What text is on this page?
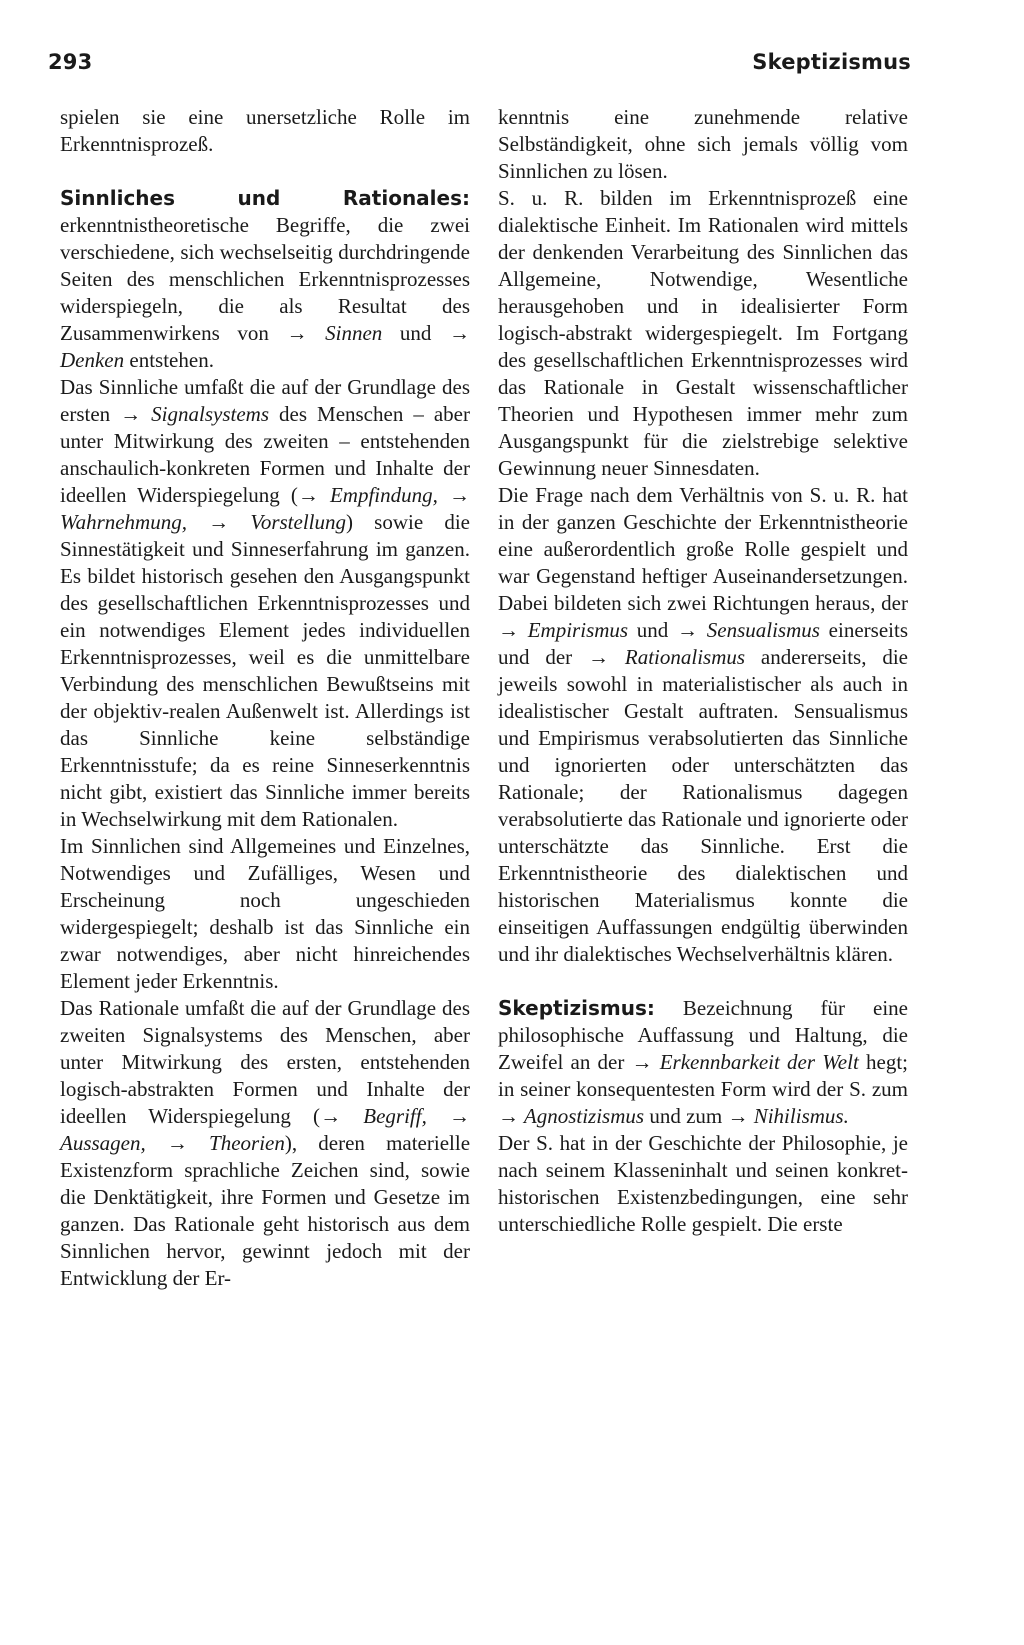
293	Skeptizismus

spielen sie eine unersetzliche Rolle im Erkenntnisprozeß.

Sinnliches und Rationales: erkenntnistheoretische Begriffe, die zwei verschiedene, sich wechselseitig durchdringende Seiten des menschlichen Erkenntnisprozesses widerspiegeln, die als Resultat des Zusammenwirkens von → Sinnen und → Denken entstehen.

Das Sinnliche umfaßt die auf der Grundlage des ersten → Signalsystems des Menschen – aber unter Mitwirkung des zweiten – entstehenden anschaulich-konkreten Formen und Inhalte der ideellen Widerspiegelung (→ Empfindung, → Wahrnehmung, → Vorstellung) sowie die Sinnestätigkeit und Sinneserfahrung im ganzen. Es bildet historisch gesehen den Ausgangspunkt des gesellschaftlichen Erkenntnisprozesses und ein notwendiges Element jedes individuellen Erkenntnisprozesses, weil es die unmittelbare Verbindung des menschlichen Bewußtseins mit der objektiv-realen Außenwelt ist. Allerdings ist das Sinnliche keine selbständige Erkenntnisstufe; da es reine Sinneserkenntnis nicht gibt, existiert das Sinnliche immer bereits in Wechselwirkung mit dem Rationalen.

Im Sinnlichen sind Allgemeines und Einzelnes, Notwendiges und Zufälliges, Wesen und Erscheinung noch ungeschieden widergespiegelt; deshalb ist das Sinnliche ein zwar notwendiges, aber nicht hinreichendes Element jeder Erkenntnis.

Das Rationale umfaßt die auf der Grundlage des zweiten Signalsystems des Menschen, aber unter Mitwirkung des ersten, entstehenden logisch-abstrakten Formen und Inhalte der ideellen Widerspiegelung (→ Begriff, → Aussagen, → Theorien), deren materielle Existenzform sprachliche Zeichen sind, sowie die Denktätigkeit, ihre Formen und Gesetze im ganzen. Das Rationale geht historisch aus dem Sinnlichen hervor, gewinnt jedoch mit der Entwicklung der Er-

kenntnis eine zunehmende relative Selbständigkeit, ohne sich jemals völlig vom Sinnlichen zu lösen.

S. u. R. bilden im Erkenntnisprozeß eine dialektische Einheit. Im Rationalen wird mittels der denkenden Verarbeitung des Sinnlichen das Allgemeine, Notwendige, Wesentliche herausgehoben und in idealisierter Form logisch-abstrakt widergespiegelt. Im Fortgang des gesellschaftlichen Erkenntnisprozesses wird das Rationale in Gestalt wissenschaftlicher Theorien und Hypothesen immer mehr zum Ausgangspunkt für die zielstrebige selektive Gewinnung neuer Sinnesdaten.

Die Frage nach dem Verhältnis von S. u. R. hat in der ganzen Geschichte der Erkenntnistheorie eine außerordentlich große Rolle gespielt und war Gegenstand heftiger Auseinandersetzungen. Dabei bildeten sich zwei Richtungen heraus, der → Empirismus und → Sensualismus einerseits und der → Rationalismus andererseits, die jeweils sowohl in materialistischer als auch in idealistischer Gestalt auftraten. Sensualismus und Empirismus verabsolutierten das Sinnliche und ignorierten oder unterschätzten das Rationale; der Rationalismus dagegen verabsolutierte das Rationale und ignorierte oder unterschätzte das Sinnliche. Erst die Erkenntnistheorie des dialektischen und historischen Materialismus konnte die einseitigen Auffassungen endgültig überwinden und ihr dialektisches Wechselverhältnis klären.

Skeptizismus: Bezeichnung für eine philosophische Auffassung und Haltung, die Zweifel an der → Erkennbarkeit der Welt hegt; in seiner konsequentesten Form wird der S. zum → Agnostizismus und zum → Nihilismus.

Der S. hat in der Geschichte der Philosophie, je nach seinem Klasseninhalt und seinen konkret-historischen Existenzbedingungen, eine sehr unterschiedliche Rolle gespielt. Die erste
